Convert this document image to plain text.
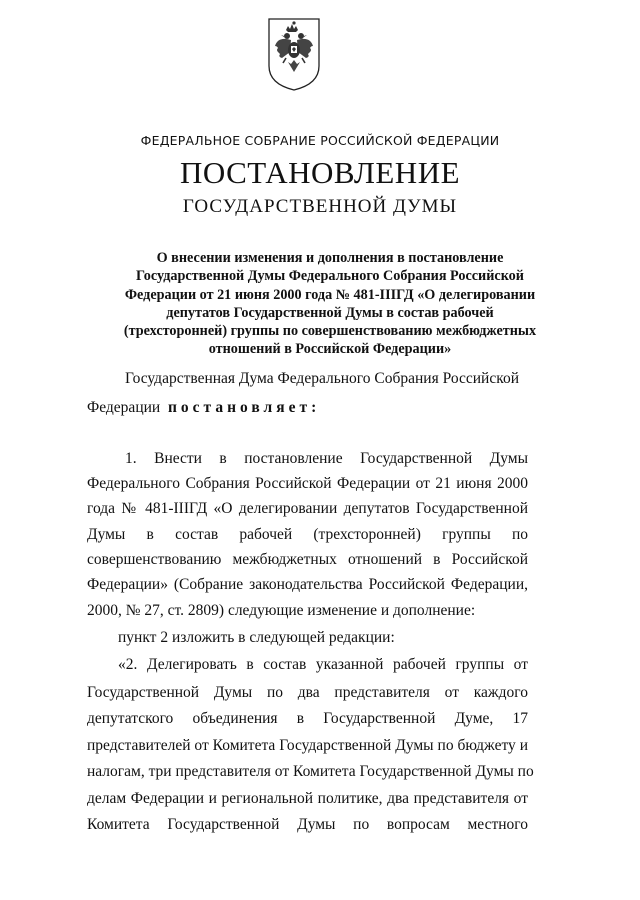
ФЕДЕРАЛЬНОЕ СОБРАНИЕ РОССИЙСКОЙ ФЕДЕРАЦИИ
ПОСТАНОВЛЕНИЕ
ГОСУДАРСТВЕННОЙ ДУМЫ
О внесении изменения и дополнения в постановление
Государственной Думы Федерального Собрания Российской
Федерации от 21 июня 2000 года № 481-IIIГД «О делегировании
депутатов Государственной Думы в состав рабочей
(трехсторонней) группы по совершенствованию межбюджетных
отношений в Российской Федерации»
Государственная Дума Федерального Собрания Российской
Федерации постановляет:
1. Внести в постановление Государственной Думы
Федерального Собрания Российской Федерации от 21 июня 2000
года № 481-IIIГД «О делегировании депутатов Государственной
Думы в состав рабочей (трехсторонней) группы по
совершенствованию межбюджетных отношений в Российской
Федерации» (Собрание законодательства Российской Федерации,
2000, № 27, ст. 2809) следующие изменение и дополнение:
пункт 2 изложить в следующей редакции:
«2. Делегировать в состав указанной рабочей группы от
Государственной Думы по два представителя от каждого
депутатского объединения в Государственной Думе, 17
представителей от Комитета Государственной Думы по бюджету и
налогам, три представителя от Комитета Государственной Думы по
делам Федерации и региональной политике, два представителя от
Комитета Государственной Думы по вопросам местного
